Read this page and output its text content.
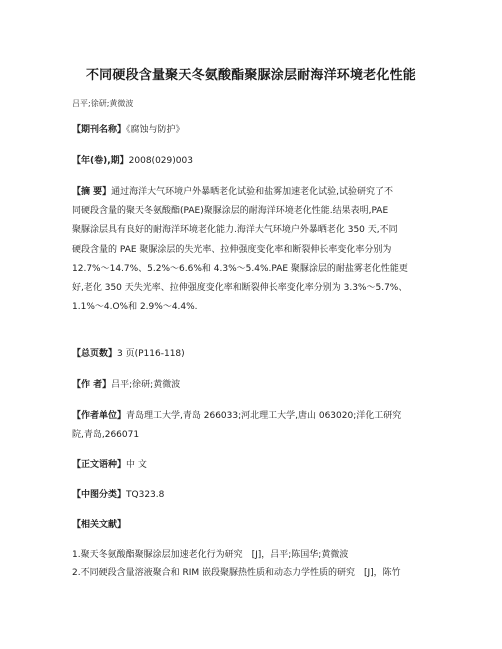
不同硬段含量聚天冬氨酸酯聚脲涂层耐海洋环境老化性能
吕平;徐研;黄微波
【期刊名称】《腐蚀与防护》
【年(卷),期】2008(029)003
【摘 要】通过海洋大气环境户外暴晒老化试验和盐雾加速老化试验,试验研究了不
同硬段含量的聚天冬氨酸酯(PAE)聚脲涂层的耐海洋环境老化性能.结果表明,PAE
聚脲涂层具有良好的耐海洋环境老化能力.海洋大气环境户外暴晒老化 350 天,不同
硬段含量的 PAE 聚脲涂层的失光率、拉伸强度变化率和断裂伸长率变化率分别为
12.7%～14.7%、5.2%～6.6%和 4.3%～5.4%.PAE 聚脲涂层的耐盐雾老化性能更
好,老化 350 天失光率、拉伸强度变化率和断裂伸长率变化率分别为 3.3%～5.7%、
1.1%～4.O%和 2.9%～4.4%.
【总页数】3 页(P116-118)
【作 者】吕平;徐研;黄微波
【作者单位】青岛理工大学,青岛 266033;河北理工大学,唐山 063020;洋化工研究
院,青岛,266071
【正文语种】中 文
【中图分类】TQ323.8
【相关文献】
1.聚天冬氨酸酯聚脲涂层加速老化行为研究　[J]，吕平;陈国华;黄微波
2.不同硬段含量溶液聚合和 RIM 嵌段聚脲热性质和动态力学性质的研究　[J]，陈竹
